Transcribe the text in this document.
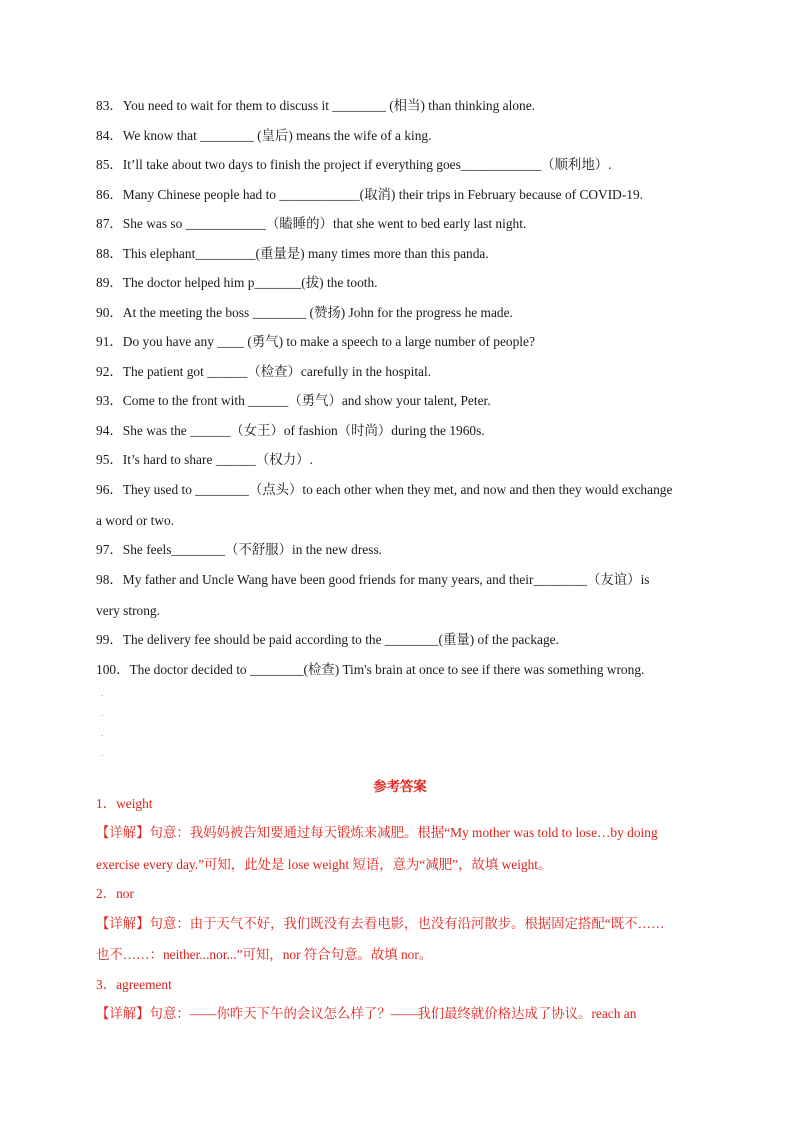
83．You need to wait for them to discuss it ________ (相当) than thinking alone.
84．We know that ________ (皇后) means the wife of a king.
85．It’ll take about two days to finish the project if everything goes____________（顺利地）.
86．Many Chinese people had to ____________(取消) their trips in February because of COVID-19.
87．She was so ____________（瞌睡的）that she went to bed early last night.
88．This elephant_________(重量是) many times more than this panda.
89．The doctor helped him p_______(拔) the tooth.
90．At the meeting the boss ________ (赞扬) John for the progress he made.
91．Do you have any ____ (勇气) to make a speech to a large number of people?
92．The patient got ______（检查）carefully in the hospital.
93．Come to the front with ______（勇气）and show your talent, Peter.
94．She was the ______（女王）of fashion（时尚）during the 1960s.
95．It’s hard to share ______（权力）.
96．They used to ________（点头）to each other when they met, and now and then they would exchange
a word or two.
97．She feels________（不舒服）in the new dress.
98．My father and Uncle Wang have been good friends for many years, and their________（友谊）is
very strong.
99．The delivery fee should be paid according to the ________(重量) of the package.
100．The doctor decided to ________(检查) Tim's brain at once to see if there was something wrong.
.
.
.
.
参考答案
1．weight
【详解】句意：我妈妈被告知要通过每天锻炼来减肥。根据“My mother was told to lose…by doing
exercise every day.”可知，此处是 lose weight 短语，意为“减肥”，故填 weight。
2．nor
【详解】句意：由于天气不好，我们既没有去看电影，也没有沿河散步。根据固定搭配“既不……
也不……：neither...nor...”可知，nor 符合句意。故填 nor。
3．agreement
【详解】句意：——你昨天下午的会议怎么样了？——我们最终就价格达成了协议。reach an
